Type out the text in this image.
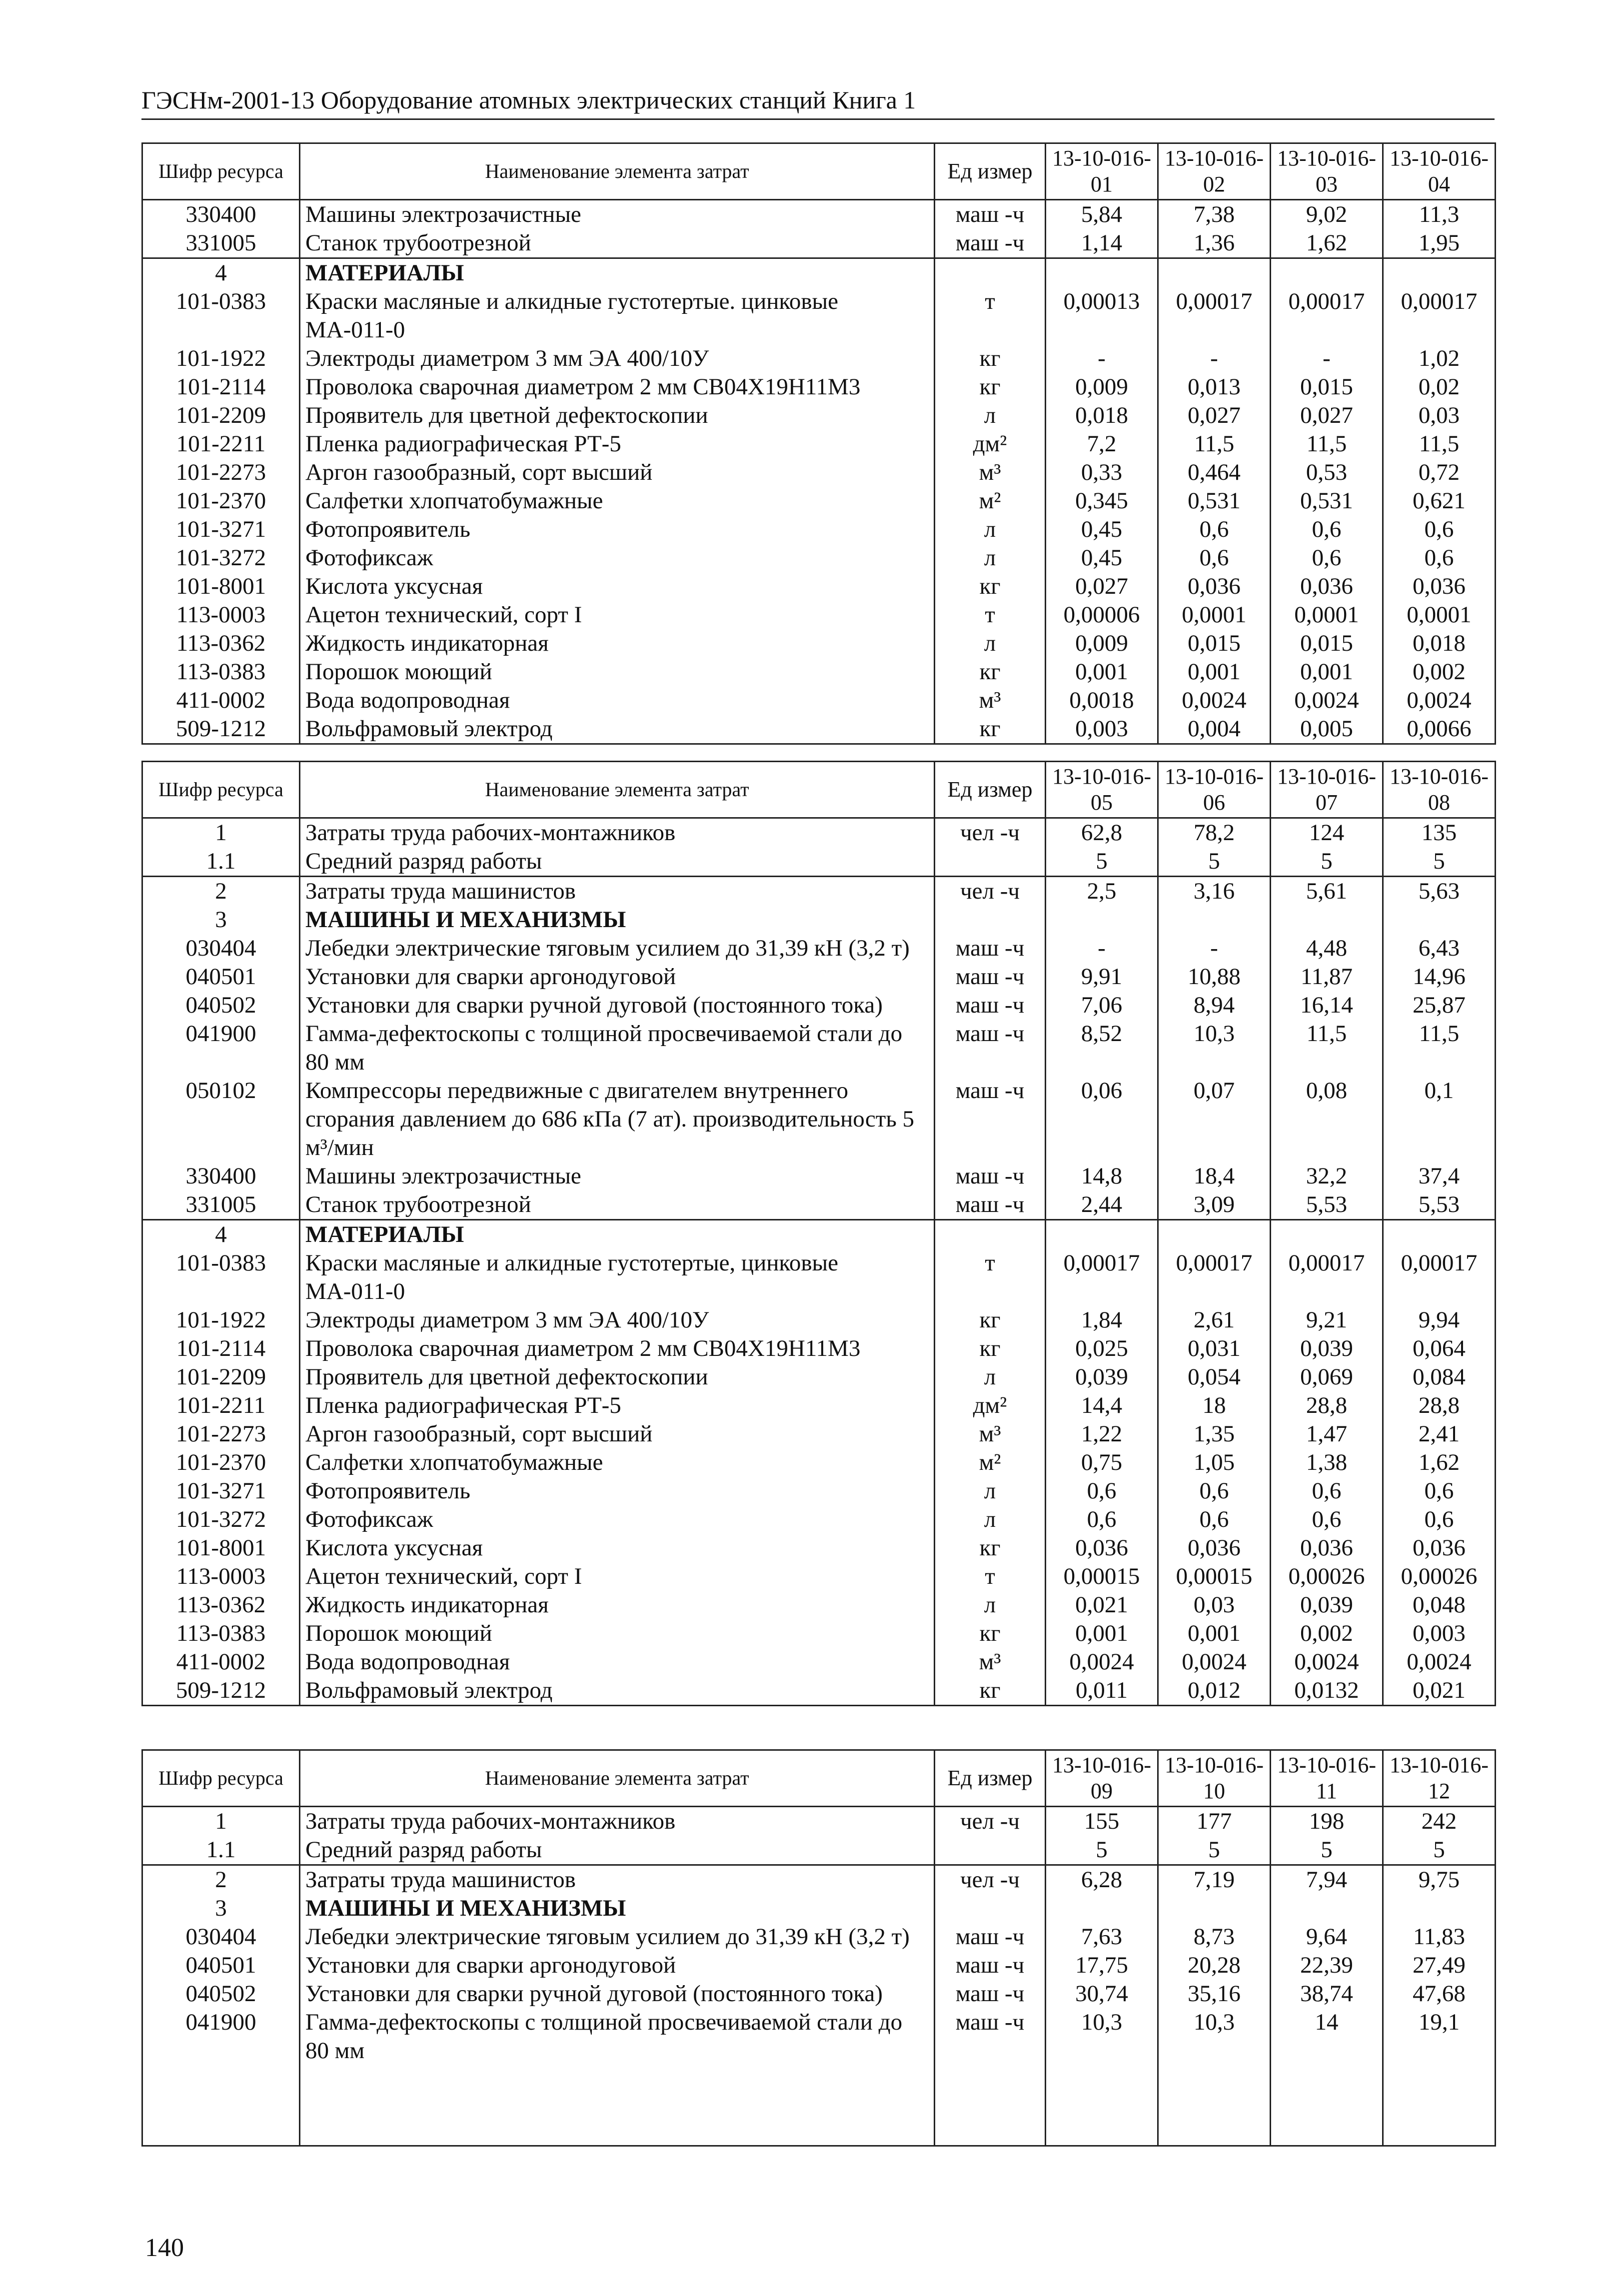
ГЭСНм-2001-13 Оборудование атомных электрических станций Книга 1
Шифр ресурса	Наименование элемента затрат	Ед измер	13-10-016-01	13-10-016-02	13-10-016-03	13-10-016-04
330400	Машины электрозачистные	маш -ч	5,84	7,38	9,02	11,3
331005	Станок трубоотрезной	маш -ч	1,14	1,36	1,62	1,95
4	МАТЕРИАЛЫ					
101-0383	Краски масляные и алкидные густотертые. цинковые МА-011-0	т	0,00013	0,00017	0,00017	0,00017
101-1922	Электроды диаметром 3 мм ЭА 400/10У	кг	-	-	-	1,02
101-2114	Проволока сварочная диаметром 2 мм СВ04Х19Н11М3	кг	0,009	0,013	0,015	0,02
101-2209	Проявитель для цветной дефектоскопии	л	0,018	0,027	0,027	0,03
101-2211	Пленка радиографическая РТ-5	дм²	7,2	11,5	11,5	11,5
101-2273	Аргон газообразный, сорт высший	м³	0,33	0,464	0,53	0,72
101-2370	Салфетки хлопчатобумажные	м²	0,345	0,531	0,531	0,621
101-3271	Фотопроявитель	л	0,45	0,6	0,6	0,6
101-3272	Фотофиксаж	л	0,45	0,6	0,6	0,6
101-8001	Кислота уксусная	кг	0,027	0,036	0,036	0,036
113-0003	Ацетон технический, сорт I	т	0,00006	0,0001	0,0001	0,0001
113-0362	Жидкость индикаторная	л	0,009	0,015	0,015	0,018
113-0383	Порошок моющий	кг	0,001	0,001	0,001	0,002
411-0002	Вода водопроводная	м³	0,0018	0,0024	0,0024	0,0024
509-1212	Вольфрамовый электрод	кг	0,003	0,004	0,005	0,0066
Шифр ресурса	Наименование элемента затрат	Ед измер	13-10-016-05	13-10-016-06	13-10-016-07	13-10-016-08
1	Затраты труда рабочих-монтажников	чел -ч	62,8	78,2	124	135
1.1	Средний разряд работы		5	5	5	5
2	Затраты труда машинистов	чел -ч	2,5	3,16	5,61	5,63
3	МАШИНЫ И МЕХАНИЗМЫ					
030404	Лебедки электрические тяговым усилием до 31,39 кН (3,2 т)	маш -ч	-	-	4,48	6,43
040501	Установки для сварки аргонодуговой	маш -ч	9,91	10,88	11,87	14,96
040502	Установки для сварки ручной дуговой (постоянного тока)	маш -ч	7,06	8,94	16,14	25,87
041900	Гамма-дефектоскопы с толщиной просвечиваемой стали до 80 мм	маш -ч	8,52	10,3	11,5	11,5
050102	Компрессоры передвижные с двигателем внутреннего сгорания давлением до 686 кПа (7 ат). производительность 5 м³/мин	маш -ч	0,06	0,07	0,08	0,1
330400	Машины электрозачистные	маш -ч	14,8	18,4	32,2	37,4
331005	Станок трубоотрезной	маш -ч	2,44	3,09	5,53	5,53
4	МАТЕРИАЛЫ					
101-0383	Краски масляные и алкидные густотертые, цинковые МА-011-0	т	0,00017	0,00017	0,00017	0,00017
101-1922	Электроды диаметром 3 мм ЭА 400/10У	кг	1,84	2,61	9,21	9,94
101-2114	Проволока сварочная диаметром 2 мм СВ04Х19Н11М3	кг	0,025	0,031	0,039	0,064
101-2209	Проявитель для цветной дефектоскопии	л	0,039	0,054	0,069	0,084
101-2211	Пленка радиографическая РТ-5	дм²	14,4	18	28,8	28,8
101-2273	Аргон газообразный, сорт высший	м³	1,22	1,35	1,47	2,41
101-2370	Салфетки хлопчатобумажные	м²	0,75	1,05	1,38	1,62
101-3271	Фотопроявитель	л	0,6	0,6	0,6	0,6
101-3272	Фотофиксаж	л	0,6	0,6	0,6	0,6
101-8001	Кислота уксусная	кг	0,036	0,036	0,036	0,036
113-0003	Ацетон технический, сорт I	т	0,00015	0,00015	0,00026	0,00026
113-0362	Жидкость индикаторная	л	0,021	0,03	0,039	0,048
113-0383	Порошок моющий	кг	0,001	0,001	0,002	0,003
411-0002	Вода водопроводная	м³	0,0024	0,0024	0,0024	0,0024
509-1212	Вольфрамовый электрод	кг	0,011	0,012	0,0132	0,021
Шифр ресурса	Наименование элемента затрат	Ед измер	13-10-016-09	13-10-016-10	13-10-016-11	13-10-016-12
1	Затраты труда рабочих-монтажников	чел -ч	155	177	198	242
1.1	Средний разряд работы		5	5	5	5
2	Затраты труда машинистов	чел -ч	6,28	7,19	7,94	9,75
3	МАШИНЫ И МЕХАНИЗМЫ					
030404	Лебедки электрические тяговым усилием до 31,39 кН (3,2 т)	маш -ч	7,63	8,73	9,64	11,83
040501	Установки для сварки аргонодуговой	маш -ч	17,75	20,28	22,39	27,49
040502	Установки для сварки ручной дуговой (постоянного тока)	маш -ч	30,74	35,16	38,74	47,68
041900	Гамма-дефектоскопы с толщиной просвечиваемой стали до 80 мм	маш -ч	10,3	10,3	14	19,1

140
